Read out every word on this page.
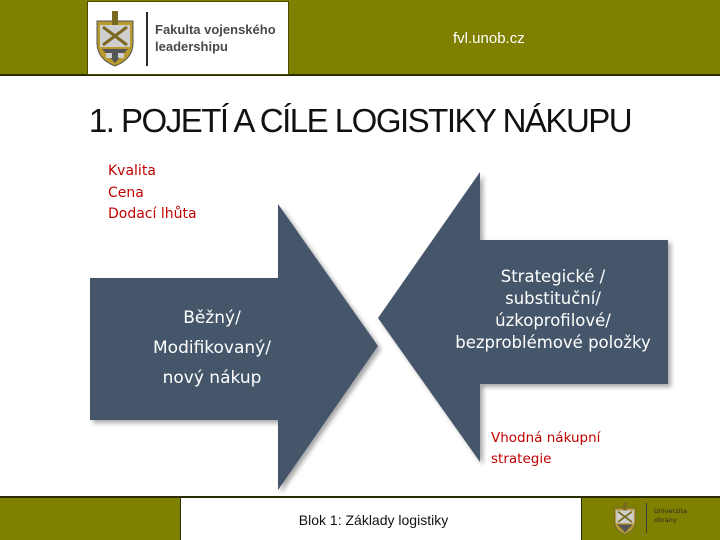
Fakulta vojenského
leadershipu	fvl.unob.cz
1. POJETÍ A CÍLE LOGISTIKY NÁKUPU
Kvalita
Cena
Dodací lhůta
Běžný/
Modifikovaný/
nový nákup
Strategické /
substituční/
úzkoprofilové/
bezproblémové položky
Vhodná nákupní
strategie
Blok 1: Základy logistiky
Univerzita
obrany
